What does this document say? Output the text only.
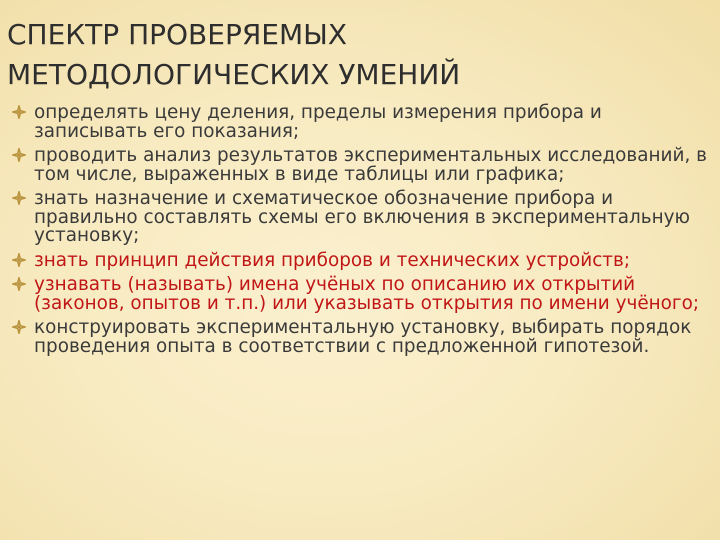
СПЕКТР ПРОВЕРЯЕМЫХ
МЕТОДОЛОГИЧЕСКИХ УМЕНИЙ
определять цену деления, пределы измерения прибора и записывать его показания;
проводить анализ результатов экспериментальных исследований, в том числе, выраженных в виде таблицы или графика;
знать назначение и схематическое обозначение прибора и правильно составлять схемы его включения в экспериментальную установку;
знать принцип действия приборов и технических устройств;
узнавать (называть) имена учёных по описанию их открытий (законов, опытов и т.п.) или указывать открытия по имени учёного;
конструировать экспериментальную установку, выбирать порядок проведения опыта в соответствии с предложенной гипотезой.
